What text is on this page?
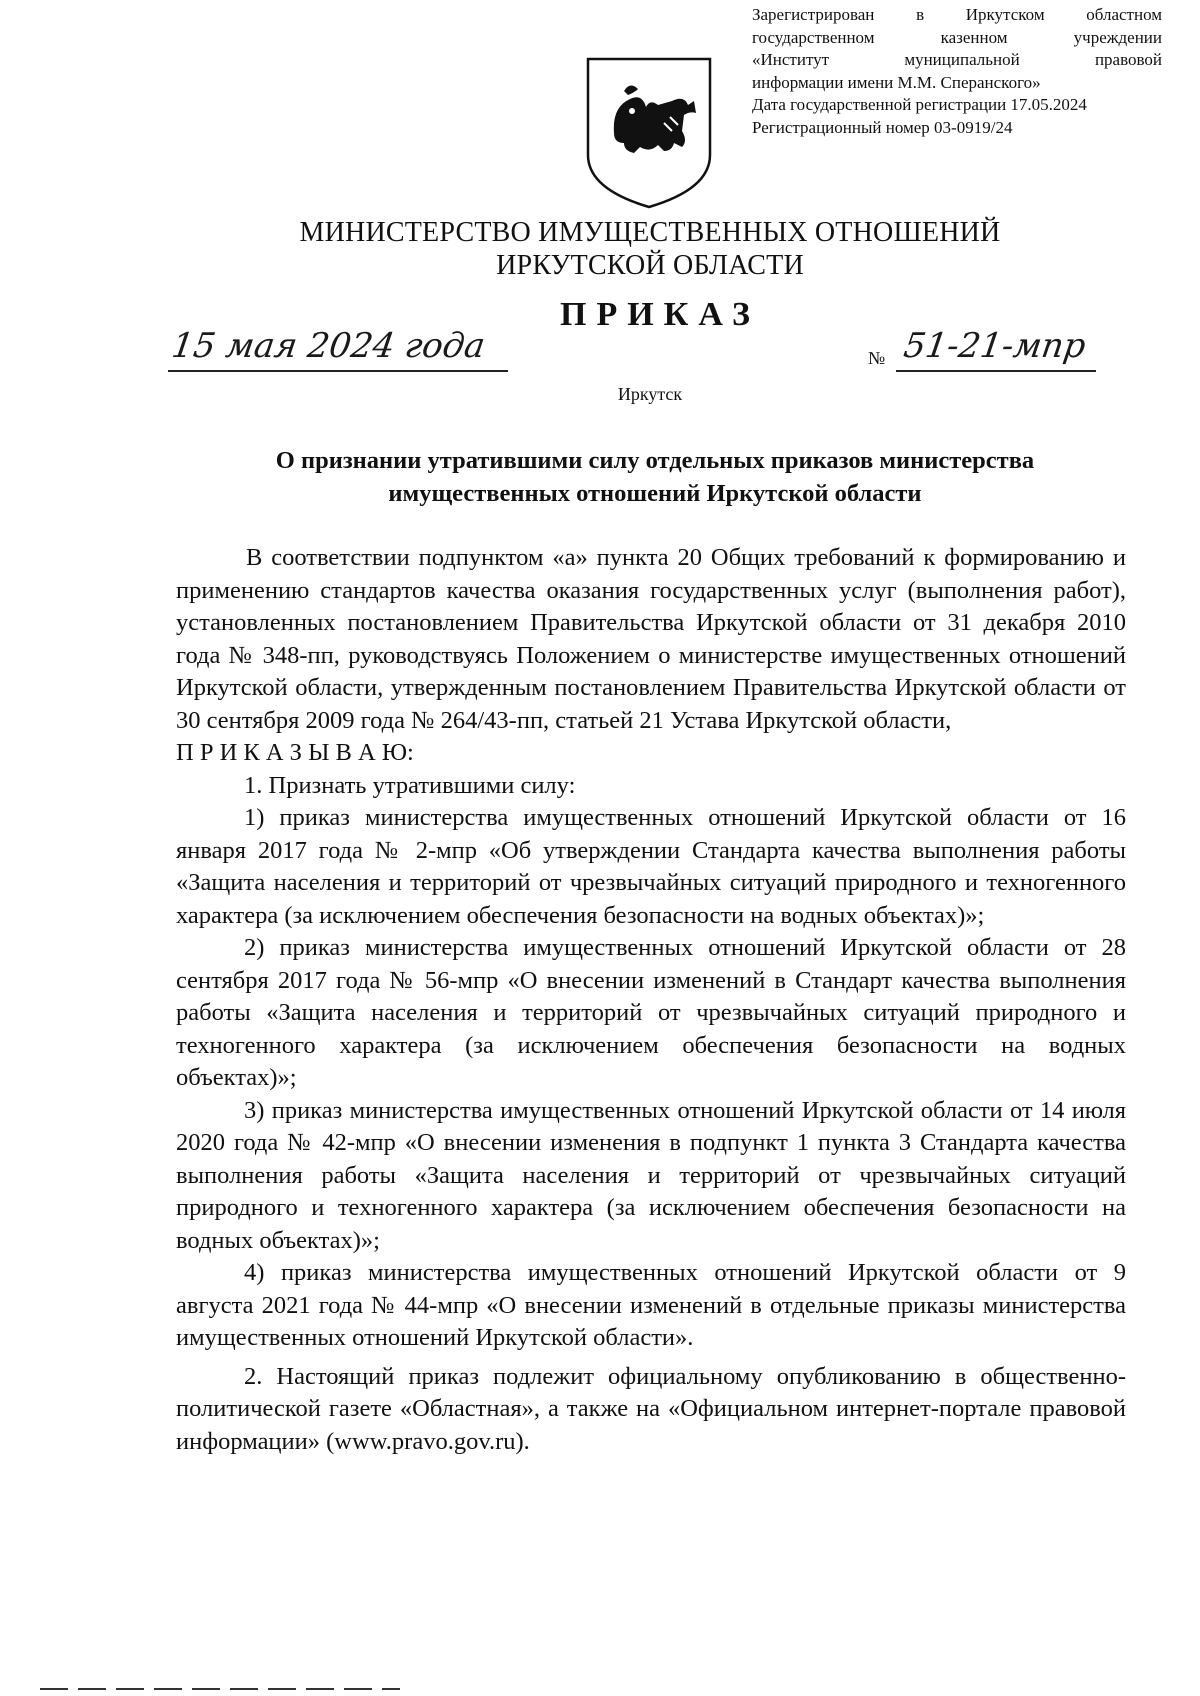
Зарегистрирован в Иркутском областном
государственном казенном учреждении
«Институт муниципальной правовой
информации имени М.М. Сперанского»
Дата государственной регистрации 17.05.2024
Регистрационный номер 03-0919/24
МИНИСТЕРСТВО ИМУЩЕСТВЕННЫХ ОТНОШЕНИЙ
ИРКУТСКОЙ ОБЛАСТИ
ПРИКАЗ
15 мая 2024 года	№ 51-21-мпр
Иркутск
О признании утратившими силу отдельных приказов министерства
имущественных отношений Иркутской области

В соответствии подпунктом «а» пункта 20 Общих требований к формированию и применению стандартов качества оказания государственных услуг (выполнения работ), установленных постановлением Правительства Иркутской области от 31 декабря 2010 года № 348-пп, руководствуясь Положением о министерстве имущественных отношений Иркутской области, утвержденным постановлением Правительства Иркутской области от 30 сентября 2009 года № 264/43-пп, статьей 21 Устава Иркутской области,

П Р И К А З Ы В А Ю:

1. Признать утратившими силу:

1) приказ министерства имущественных отношений Иркутской области от 16 января 2017 года № 2-мпр «Об утверждении Стандарта качества выполнения работы «Защита населения и территорий от чрезвычайных ситуаций природного и техногенного характера (за исключением обеспечения безопасности на водных объектах)»;

2) приказ министерства имущественных отношений Иркутской области от 28 сентября 2017 года № 56-мпр «О внесении изменений в Стандарт качества выполнения работы «Защита населения и территорий от чрезвычайных ситуаций природного и техногенного характера (за исключением обеспечения безопасности на водных объектах)»;

3) приказ министерства имущественных отношений Иркутской области от 14 июля 2020 года № 42-мпр «О внесении изменения в подпункт 1 пункта 3 Стандарта качества выполнения работы «Защита населения и территорий от чрезвычайных ситуаций природного и техногенного характера (за исключением обеспечения безопасности на водных объектах)»;

4) приказ министерства имущественных отношений Иркутской области от 9 августа 2021 года № 44-мпр «О внесении изменений в отдельные приказы министерства имущественных отношений Иркутской области».

2. Настоящий приказ подлежит официальному опубликованию в общественно-политической газете «Областная», а также на «Официальном интернет-портале правовой информации» (www.pravo.gov.ru).
